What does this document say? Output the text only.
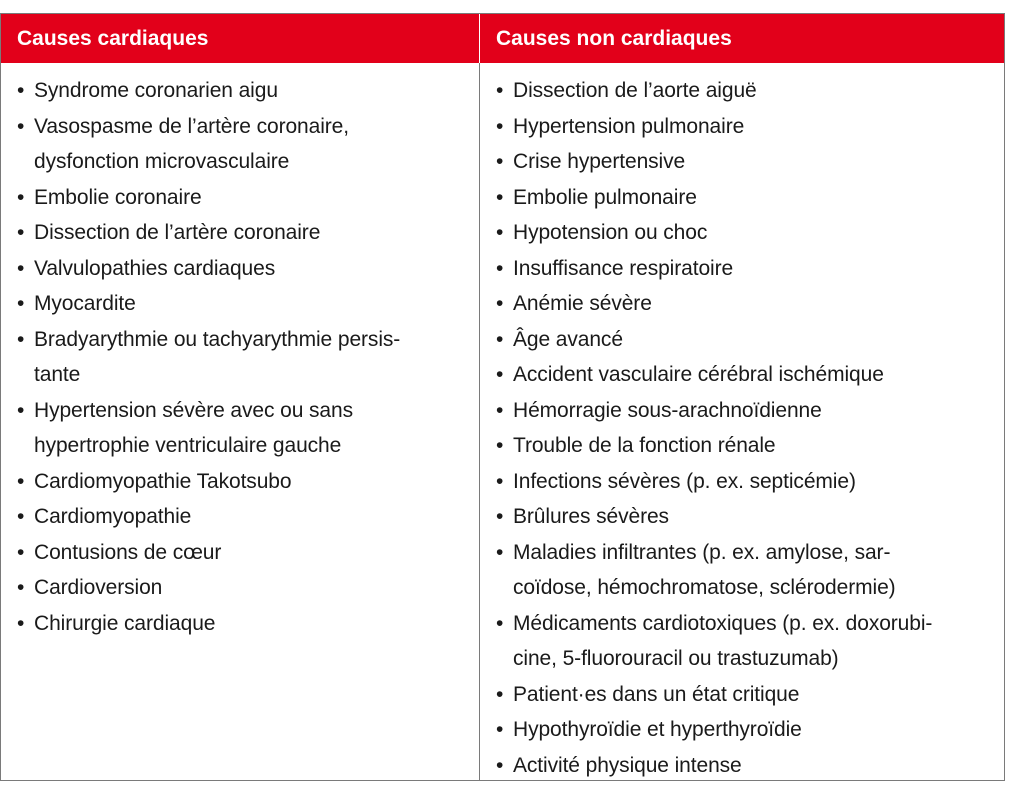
Causes cardiaques	Causes non cardiaques
• Syndrome coronarien aigu
• Vasospasme de l’artère coronaire,
dysfonction microvasculaire
• Embolie coronaire
• Dissection de l’artère coronaire
• Valvulopathies cardiaques
• Myocardite
• Bradyarythmie ou tachyarythmie persis-
tante
• Hypertension sévère avec ou sans
hypertrophie ventriculaire gauche
• Cardiomyopathie Takotsubo
• Cardiomyopathie
• Contusions de cœur
• Cardioversion
• Chirurgie cardiaque
• Dissection de l’aorte aiguë
• Hypertension pulmonaire
• Crise hypertensive
• Embolie pulmonaire
• Hypotension ou choc
• Insuffisance respiratoire
• Anémie sévère
• Âge avancé
• Accident vasculaire cérébral ischémique
• Hémorragie sous-arachnoïdienne
• Trouble de la fonction rénale
• Infections sévères (p. ex. septicémie)
• Brûlures sévères
• Maladies infiltrantes (p. ex. amylose, sar-
coïdose, hémochromatose, sclérodermie)
• Médicaments cardiotoxiques (p. ex. doxorubi-
cine, 5-fluorouracil ou trastuzumab)
• Patient·es dans un état critique
• Hypothyroïdie et hyperthyroïdie
• Activité physique intense
